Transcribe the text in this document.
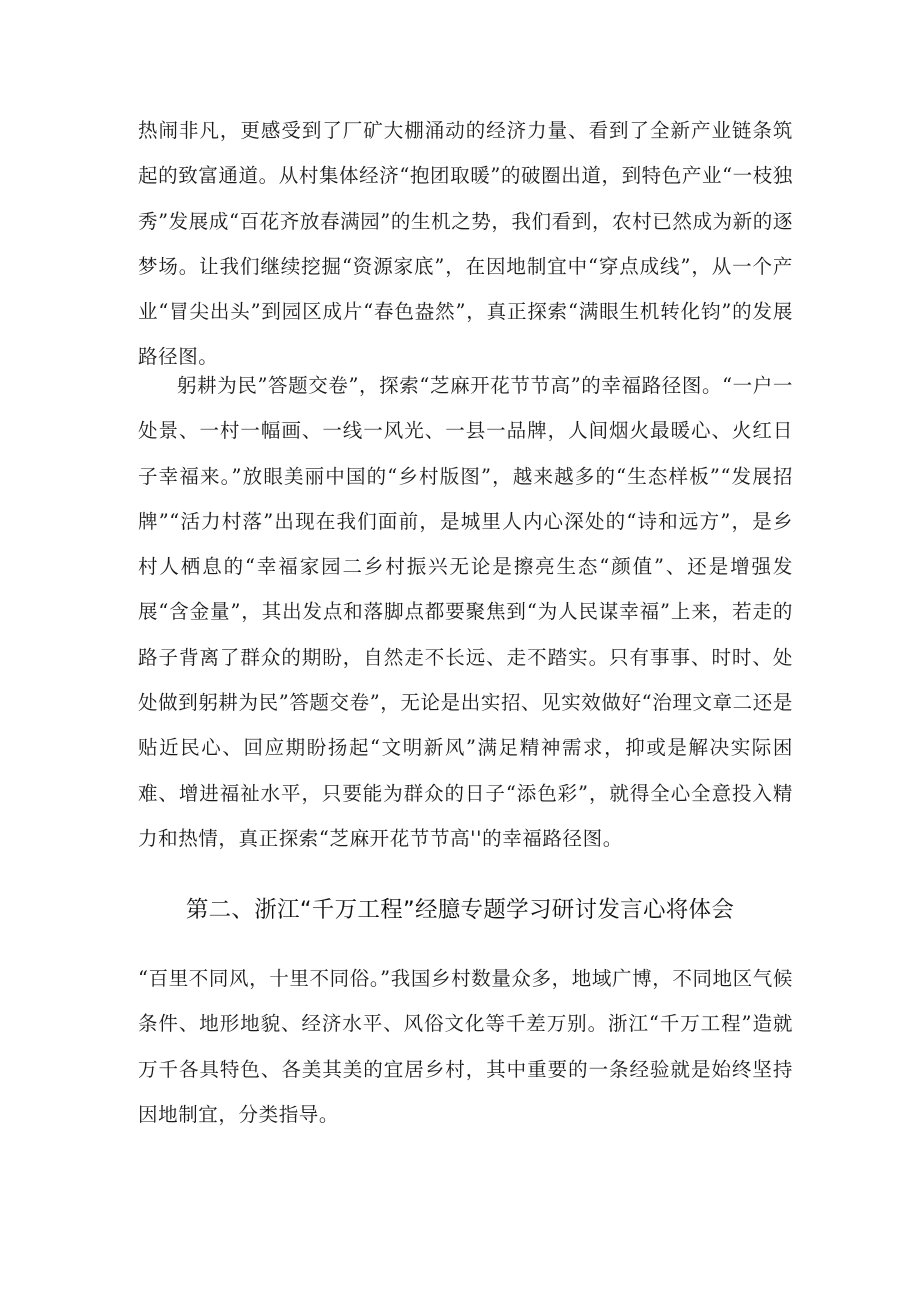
热闹非凡，更感受到了厂矿大棚涌动的经济力量、看到了全新产业链条筑起的致富通道。从村集体经济“抱团取暖”的破圈出道，到特色产业“一枝独秀”发展成“百花齐放春满园”的生机之势，我们看到，农村已然成为新的逐梦场。让我们继续挖掘“资源家底”，在因地制宜中“穿点成线”，从一个产业“冒尖出头”到园区成片“春色盎然”，真正探索“满眼生机转化钧”的发展路径图。

躬耕为民”答题交卷”，探索“芝麻开花节节高”的幸福路径图。“一户一处景、一村一幅画、一线一风光、一县一品牌，人间烟火最暖心、火红日子幸福来。”放眼美丽中国的“乡村版图”，越来越多的“生态样板”“发展招牌”“活力村落”出现在我们面前，是城里人内心深处的“诗和远方”，是乡村人栖息的“幸福家园二乡村振兴无论是擦亮生态“颜值”、还是增强发展“含金量”，其出发点和落脚点都要聚焦到“为人民谋幸福”上来，若走的路子背离了群众的期盼，自然走不长远、走不踏实。只有事事、时时、处处做到躬耕为民”答题交卷”，无论是出实招、见实效做好“治理文章二还是贴近民心、回应期盼扬起“文明新风”满足精神需求，抑或是解决实际困难、增进福祉水平，只要能为群众的日子“添色彩”，就得全心全意投入精力和热情，真正探索“芝麻开花节节高''的幸福路径图。

第二、浙江“千万工程”经臆专题学习研讨发言心将体会

“百里不同风，十里不同俗。”我国乡村数量众多，地域广博，不同地区气候条件、地形地貌、经济水平、风俗文化等千差万别。浙江“千万工程”造就万千各具特色、各美其美的宜居乡村，其中重要的一条经验就是始终坚持因地制宜，分类指导。
